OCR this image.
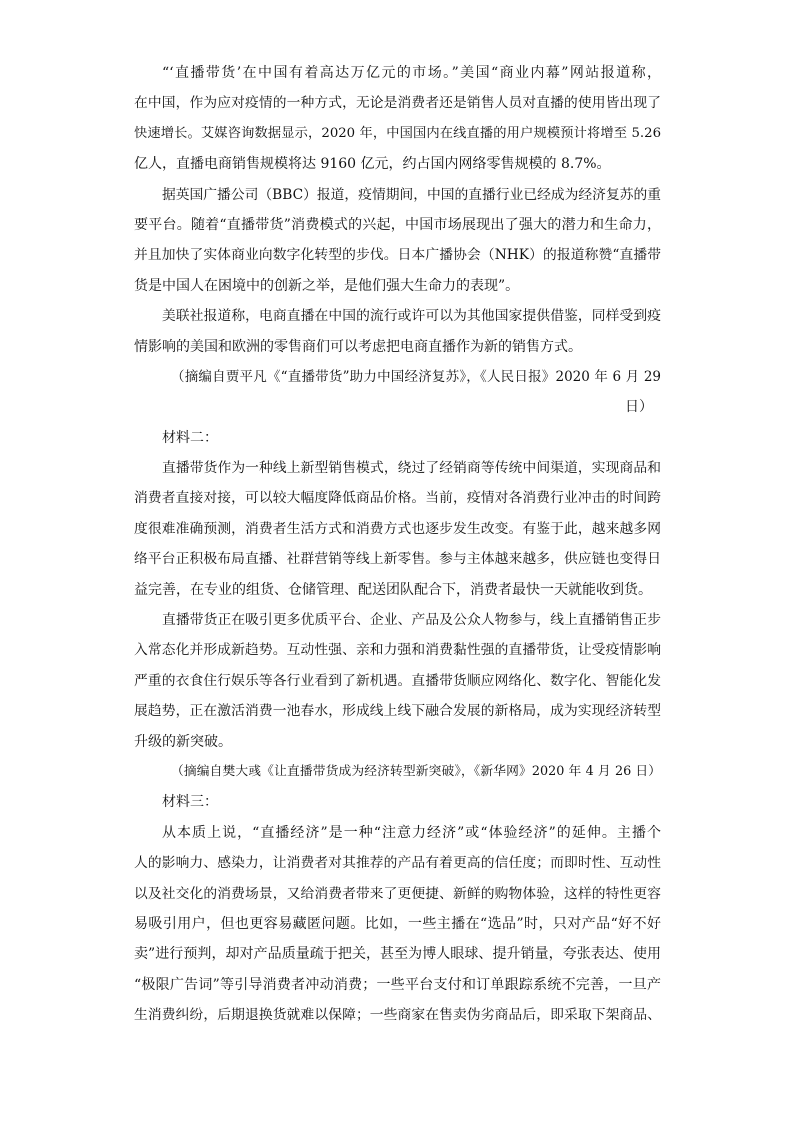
“‘直播带货’在中国有着高达万亿元的市场。”美国“商业内幕”网站报道称，
在中国，作为应对疫情的一种方式，无论是消费者还是销售人员对直播的使用皆出现了
快速增长。艾媒咨询数据显示，2020 年，中国国内在线直播的用户规模预计将增至 5.26
亿人，直播电商销售规模将达 9160 亿元，约占国内网络零售规模的 8.7%。
据英国广播公司（BBC）报道，疫情期间，中国的直播行业已经成为经济复苏的重
要平台。随着“直播带货”消费模式的兴起，中国市场展现出了强大的潜力和生命力，
并且加快了实体商业向数字化转型的步伐。日本广播协会（NHK）的报道称赞“直播带
货是中国人在困境中的创新之举，是他们强大生命力的表现”。
美联社报道称，电商直播在中国的流行或许可以为其他国家提供借鉴，同样受到疫
情影响的美国和欧洲的零售商们可以考虑把电商直播作为新的销售方式。
（摘编自贾平凡《“直播带货”助力中国经济复苏》，《人民日报》2020 年 6 月 29
日）
材料二：
直播带货作为一种线上新型销售模式，绕过了经销商等传统中间渠道，实现商品和
消费者直接对接，可以较大幅度降低商品价格。当前，疫情对各消费行业冲击的时间跨
度很难准确预测，消费者生活方式和消费方式也逐步发生改变。有鉴于此，越来越多网
络平台正积极布局直播、社群营销等线上新零售。参与主体越来越多，供应链也变得日
益完善，在专业的组货、仓储管理、配送团队配合下，消费者最快一天就能收到货。
直播带货正在吸引更多优质平台、企业、产品及公众人物参与，线上直播销售正步
入常态化并形成新趋势。互动性强、亲和力强和消费黏性强的直播带货，让受疫情影响
严重的衣食住行娱乐等各行业看到了新机遇。直播带货顺应网络化、数字化、智能化发
展趋势，正在激活消费一池春水，形成线上线下融合发展的新格局，成为实现经济转型
升级的新突破。
（摘编自樊大彧《让直播带货成为经济转型新突破》，《新华网》2020 年 4 月 26 日）
材料三：
从本质上说，“直播经济”是一种“注意力经济”或“体验经济”的延伸。主播个
人的影响力、感染力，让消费者对其推荐的产品有着更高的信任度；而即时性、互动性
以及社交化的消费场景，又给消费者带来了更便捷、新鲜的购物体验，这样的特性更容
易吸引用户，但也更容易藏匿问题。比如，一些主播在“选品”时，只对产品“好不好
卖”进行预判，却对产品质量疏于把关，甚至为博人眼球、提升销量，夸张表达、使用
“极限广告词”等引导消费者冲动消费；一些平台支付和订单跟踪系统不完善，一旦产
生消费纠纷，后期退换货就难以保障；一些商家在售卖伪劣商品后，即采取下架商品、
